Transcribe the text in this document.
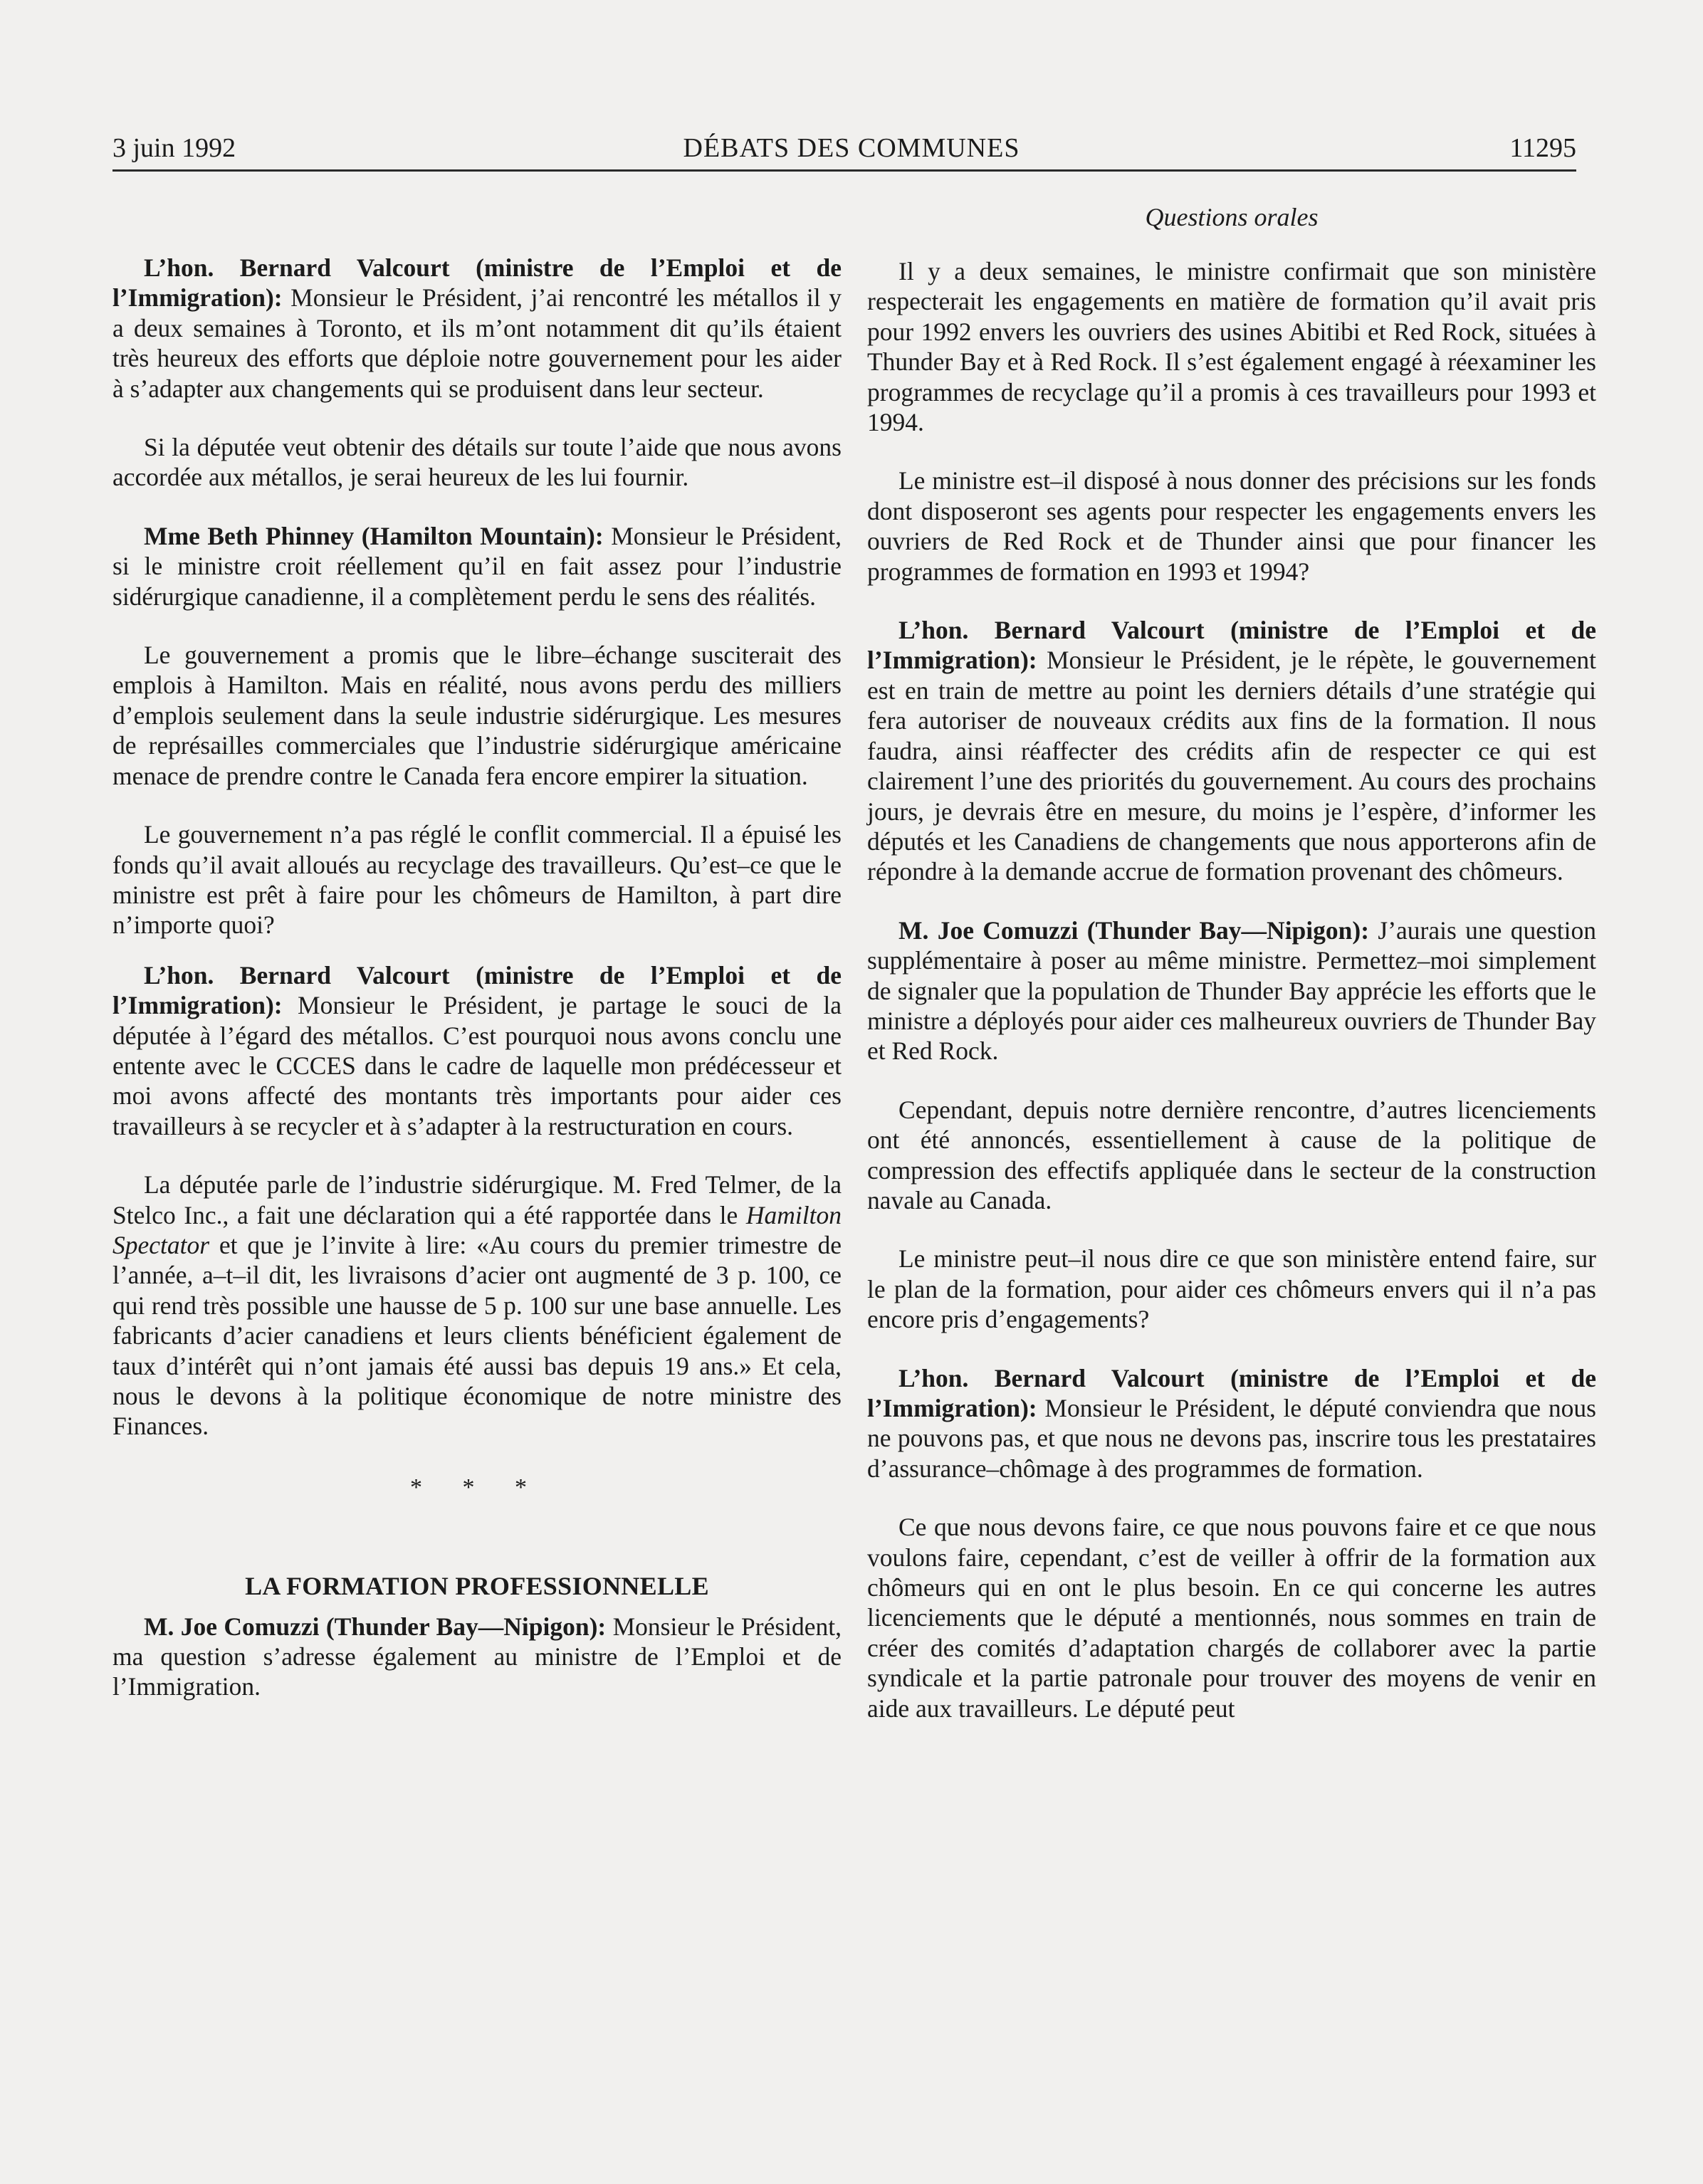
DÉBATS DES COMMUNES
3 juin 1992	11295
Questions orales

L’hon. Bernard Valcourt (ministre de l’Emploi et de l’Immigration): Monsieur le Président, j’ai rencontré les métallos il y a deux semaines à Toronto, et ils m’ont notamment dit qu’ils étaient très heureux des efforts que déploie notre gouvernement pour les aider à s’adapter aux changements qui se produisent dans leur secteur.

Si la députée veut obtenir des détails sur toute l’aide que nous avons accordée aux métallos, je serai heureux de les lui fournir.

Mme Beth Phinney (Hamilton Mountain): Monsieur le Président, si le ministre croit réellement qu’il en fait assez pour l’industrie sidérurgique canadienne, il a complètement perdu le sens des réalités.

Le gouvernement a promis que le libre–échange susciterait des emplois à Hamilton. Mais en réalité, nous avons perdu des milliers d’emplois seulement dans la seule industrie sidérurgique. Les mesures de représailles commerciales que l’industrie sidérurgique américaine menace de prendre contre le Canada fera encore empirer la situation.

Le gouvernement n’a pas réglé le conflit commercial. Il a épuisé les fonds qu’il avait alloués au recyclage des travailleurs. Qu’est–ce que le ministre est prêt à faire pour les chômeurs de Hamilton, à part dire n’importe quoi?

L’hon. Bernard Valcourt (ministre de l’Emploi et de l’Immigration): Monsieur le Président, je partage le souci de la députée à l’égard des métallos. C’est pourquoi nous avons conclu une entente avec le CCCES dans le cadre de laquelle mon prédécesseur et moi avons affecté des montants très importants pour aider ces travailleurs à se recycler et à s’adapter à la restructuration en cours.

La députée parle de l’industrie sidérurgique. M. Fred Telmer, de la Stelco Inc., a fait une déclaration qui a été rapportée dans le Hamilton Spectator et que je l’invite à lire: «Au cours du premier trimestre de l’année, a–t–il dit, les livraisons d’acier ont augmenté de 3 p. 100, ce qui rend très possible une hausse de 5 p. 100 sur une base annuelle. Les fabricants d’acier canadiens et leurs clients bénéficient également de taux d’intérêt qui n’ont jamais été aussi bas depuis 19 ans.» Et cela, nous le devons à la politique économique de notre ministre des Finances.

* * *
LA FORMATION PROFESSIONNELLE

M. Joe Comuzzi (Thunder Bay—Nipigon): Monsieur le Président, ma question s’adresse également au ministre de l’Emploi et de l’Immigration.

Il y a deux semaines, le ministre confirmait que son ministère respecterait les engagements en matière de formation qu’il avait pris pour 1992 envers les ouvriers des usines Abitibi et Red Rock, situées à Thunder Bay et à Red Rock. Il s’est également engagé à réexaminer les programmes de recyclage qu’il a promis à ces travailleurs pour 1993 et 1994.

Le ministre est–il disposé à nous donner des précisions sur les fonds dont disposeront ses agents pour respecter les engagements envers les ouvriers de Red Rock et de Thunder ainsi que pour financer les programmes de formation en 1993 et 1994?

L’hon. Bernard Valcourt (ministre de l’Emploi et de l’Immigration): Monsieur le Président, je le répète, le gouvernement est en train de mettre au point les derniers détails d’une stratégie qui fera autoriser de nouveaux crédits aux fins de la formation. Il nous faudra, ainsi réaffecter des crédits afin de respecter ce qui est clairement l’une des priorités du gouvernement. Au cours des prochains jours, je devrais être en mesure, du moins je l’espère, d’informer les députés et les Canadiens de changements que nous apporterons afin de répondre à la demande accrue de formation provenant des chômeurs.

M. Joe Comuzzi (Thunder Bay—Nipigon): J’aurais une question supplémentaire à poser au même ministre. Permettez–moi simplement de signaler que la population de Thunder Bay apprécie les efforts que le ministre a déployés pour aider ces malheureux ouvriers de Thunder Bay et Red Rock.

Cependant, depuis notre dernière rencontre, d’autres licenciements ont été annoncés, essentiellement à cause de la politique de compression des effectifs appliquée dans le secteur de la construction navale au Canada.

Le ministre peut–il nous dire ce que son ministère entend faire, sur le plan de la formation, pour aider ces chômeurs envers qui il n’a pas encore pris d’engagements?

L’hon. Bernard Valcourt (ministre de l’Emploi et de l’Immigration): Monsieur le Président, le député conviendra que nous ne pouvons pas, et que nous ne devons pas, inscrire tous les prestataires d’assurance–chômage à des programmes de formation.

Ce que nous devons faire, ce que nous pouvons faire et ce que nous voulons faire, cependant, c’est de veiller à offrir de la formation aux chômeurs qui en ont le plus besoin. En ce qui concerne les autres licenciements que le député a mentionnés, nous sommes en train de créer des comités d’adaptation chargés de collaborer avec la partie syndicale et la partie patronale pour trouver des moyens de venir en aide aux travailleurs. Le député peut
